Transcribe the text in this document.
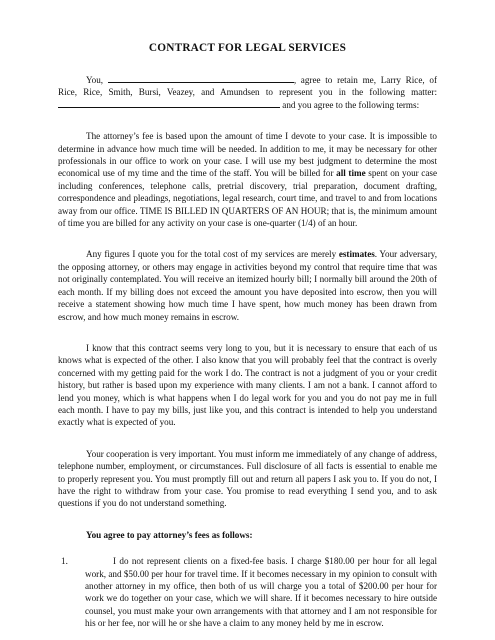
CONTRACT FOR LEGAL SERVICES

You,	, agree to retain me, Larry Rice, of Rice, Rice, Smith, Bursi, Veazey, and Amundsen to represent you in the following matter:  and you agree to the following terms:

The attorney’s fee is based upon the amount of time I devote to your case. It is impossible to determine in advance how much time will be needed. In addition to me, it may be necessary for other professionals in our office to work on your case. I will use my best judgment to determine the most economical use of my time and the time of the staff. You will be billed for all time spent on your case including conferences, telephone calls, pretrial discovery, trial preparation, document drafting, correspondence and pleadings, negotiations, legal research, court time, and travel to and from locations away from our office. TIME IS BILLED IN QUARTERS OF AN HOUR; that is, the minimum amount of time you are billed for any activity on your case is one-quarter (1/4) of an hour.

Any figures I quote you for the total cost of my services are merely estimates. Your adversary, the opposing attorney, or others may engage in activities beyond my control that require time that was not originally contemplated. You will receive an itemized hourly bill; I normally bill around the 20th of each month. If my billing does not exceed the amount you have deposited into escrow, then you will receive a statement showing how much time I have spent, how much money has been drawn from escrow, and how much money remains in escrow.

I know that this contract seems very long to you, but it is necessary to ensure that each of us knows what is expected of the other. I also know that you will probably feel that the contract is overly concerned with my getting paid for the work I do. The contract is not a judgment of you or your credit history, but rather is based upon my experience with many clients. I am not a bank. I cannot afford to lend you money, which is what happens when I do legal work for you and you do not pay me in full each month. I have to pay my bills, just like you, and this contract is intended to help you understand exactly what is expected of you.

Your cooperation is very important. You must inform me immediately of any change of address, telephone number, employment, or circumstances. Full disclosure of all facts is essential to enable me to properly represent you. You must promptly fill out and return all papers I ask you to. If you do not, I have the right to withdraw from your case. You promise to read everything I send you, and to ask questions if you do not understand something.

You agree to pay attorney’s fees as follows:

1.	I do not represent clients on a fixed-fee basis. I charge $180.00 per hour for all legal work, and $50.00 per hour for travel time. If it becomes necessary in my opinion to consult with another attorney in my office, then both of us will charge you a total of $200.00 per hour for work we do together on your case, which we will share. If it becomes necessary to hire outside counsel, you must make your own arrangements with that attorney and I am not responsible for his or her fee, nor will he or she have a claim to any money held by me in escrow.
